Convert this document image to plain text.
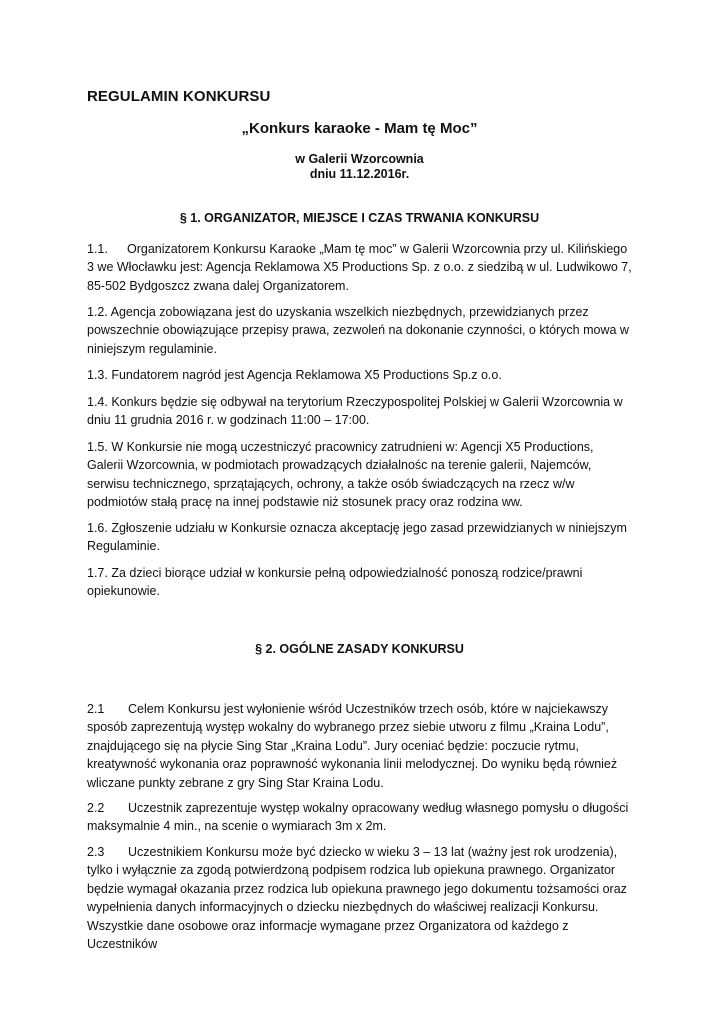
REGULAMIN KONKURSU
„Konkurs karaoke - Mam tę Moc”
w Galerii Wzorcownia
dniu 11.12.2016r.
§ 1. ORGANIZATOR, MIEJSCE I CZAS TRWANIA KONKURSU
1.1. Organizatorem Konkursu Karaoke „Mam tę moc” w Galerii Wzorcownia przy ul. Kilińskiego 3 we Włocławku jest: Agencja Reklamowa X5 Productions Sp. z o.o. z siedzibą w ul. Ludwikowo 7, 85-502 Bydgoszcz zwana dalej Organizatorem.
1.2. Agencja zobowiązana jest do uzyskania wszelkich niezbędnych, przewidzianych przez powszechnie obowiązujące przepisy prawa, zezwoleń na dokonanie czynności, o których mowa w niniejszym regulaminie.
1.3. Fundatorem nagród jest Agencja Reklamowa X5 Productions Sp.z o.o.
1.4. Konkurs będzie się odbywał na terytorium Rzeczypospolitej Polskiej w Galerii Wzorcownia w dniu 11 grudnia 2016 r. w godzinach 11:00 – 17:00.
1.5. W Konkursie nie mogą uczestniczyć pracownicy zatrudnieni w: Agencji X5 Productions, Galerii Wzorcownia, w podmiotach prowadzących działalnośc na terenie galerii, Najemców, serwisu technicznego, sprzątających, ochrony, a także osób świadczących na rzecz w/w podmiotów stałą pracę na innej podstawie niż stosunek pracy oraz rodzina ww.
1.6. Zgłoszenie udziału w Konkursie oznacza akceptację jego zasad przewidzianych w niniejszym Regulaminie.
1.7. Za dzieci biorące udział w konkursie pełną odpowiedzialność ponoszą rodzice/prawni opiekunowie.
§ 2. OGÓLNE ZASADY KONKURSU
2.1 Celem Konkursu jest wyłonienie wśród Uczestników trzech osób, które w najciekawszy sposób zaprezentują występ wokalny do wybranego przez siebie utworu z filmu „Kraina Lodu”, znajdującego się na płycie Sing Star „Kraina Lodu”. Jury oceniać będzie: poczucie rytmu, kreatywność wykonania oraz poprawność wykonania linii melodycznej. Do wyniku będą również wliczane punkty zebrane z gry Sing Star Kraina Lodu.
2.2 Uczestnik zaprezentuje występ wokalny opracowany według własnego pomysłu o długości maksymalnie 4 min., na scenie o wymiarach 3m x 2m.
2.3 Uczestnikiem Konkursu może być dziecko w wieku 3 – 13 lat (ważny jest rok urodzenia), tylko i wyłącznie za zgodą potwierdzoną podpisem rodzica lub opiekuna prawnego. Organizator będzie wymagał okazania przez rodzica lub opiekuna prawnego jego dokumentu tożsamości oraz wypełnienia danych informacyjnych o dziecku niezbędnych do właściwej realizacji Konkursu. Wszystkie dane osobowe oraz informacje wymagane przez Organizatora od każdego z Uczestników
